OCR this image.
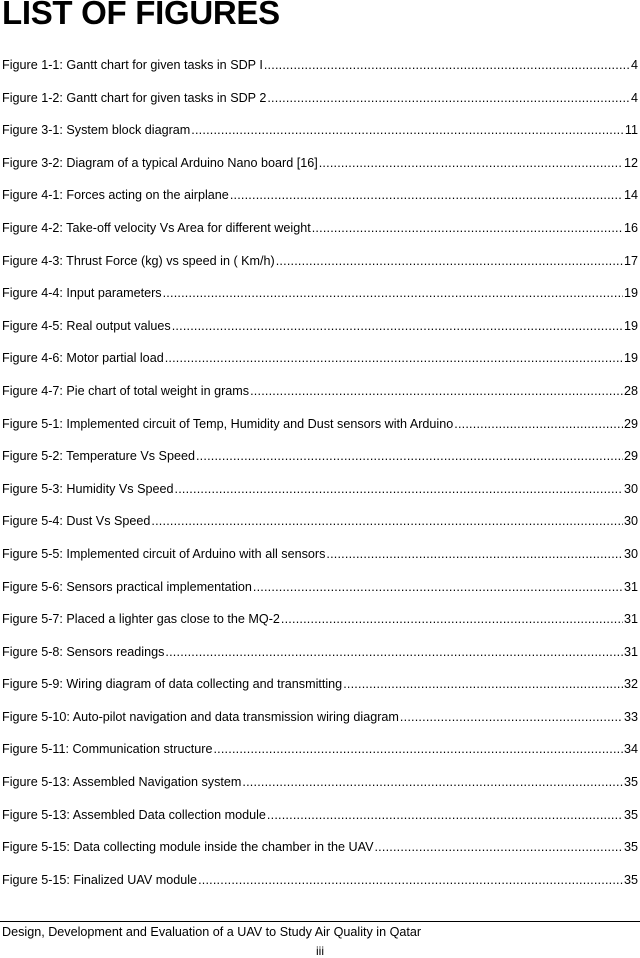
LIST OF FIGURES
Figure 1-1: Gantt chart for given tasks in SDP I .....	4
Figure 1-2: Gantt chart for given tasks in SDP 2 .....	4
Figure 3-1: System block diagram .....	11
Figure 3-2: Diagram of a typical Arduino Nano board [16] .....	12
Figure 4-1: Forces acting on the airplane .....	14
Figure 4-2: Take-off velocity Vs Area for different weight .....	16
Figure 4-3: Thrust Force (kg) vs speed in ( Km/h) .....	17
Figure 4-4: Input parameters .....	19
Figure 4-5: Real output values .....	19
Figure 4-6: Motor partial load .....	19
Figure 4-7: Pie chart of total weight in grams .....	28
Figure 5-1: Implemented circuit of Temp, Humidity and Dust sensors with Arduino .....	29
Figure 5-2: Temperature Vs Speed .....	29
Figure 5-3: Humidity Vs Speed .....	30
Figure 5-4: Dust Vs Speed .....	30
Figure 5-5: Implemented circuit of Arduino with all sensors .....	30
Figure 5-6: Sensors practical implementation .....	31
Figure 5-7: Placed a lighter gas close to the MQ-2 .....	31
Figure 5-8: Sensors readings .....	31
Figure 5-9: Wiring diagram of data collecting and transmitting .....	32
Figure 5-10: Auto-pilot navigation and data transmission wiring diagram .....	33
Figure 5-11: Communication structure .....	34
Figure 5-13: Assembled Navigation system .....	35
Figure 5-13: Assembled Data collection module .....	35
Figure 5-15: Data collecting module inside the chamber in the UAV .....	35
Figure 5-15: Finalized UAV module .....	35
Design, Development and Evaluation of a UAV to Study Air Quality in Qatar
iii
